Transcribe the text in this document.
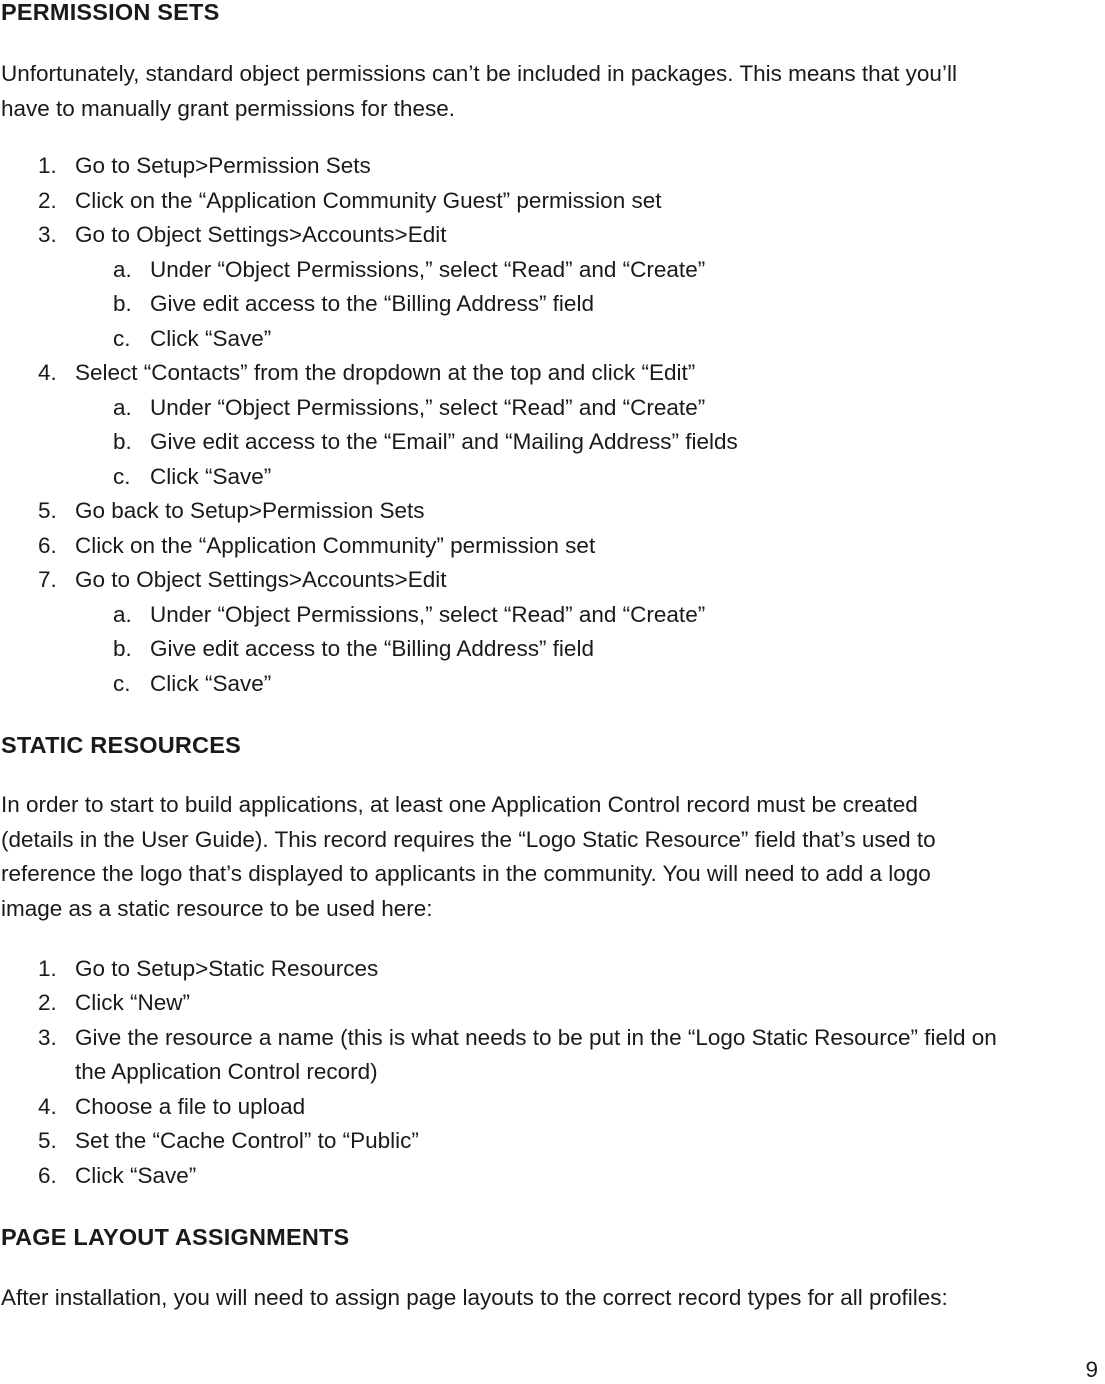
PERMISSION SETS
Unfortunately, standard object permissions can’t be included in packages. This means that you’ll
have to manually grant permissions for these.
1. Go to Setup>Permission Sets
2. Click on the “Application Community Guest” permission set
3. Go to Object Settings>Accounts>Edit
a. Under “Object Permissions,” select “Read” and “Create”
b. Give edit access to the “Billing Address” field
c. Click “Save”
4. Select “Contacts” from the dropdown at the top and click “Edit”
a. Under “Object Permissions,” select “Read” and “Create”
b. Give edit access to the “Email” and “Mailing Address” fields
c. Click “Save”
5. Go back to Setup>Permission Sets
6. Click on the “Application Community” permission set
7. Go to Object Settings>Accounts>Edit
a. Under “Object Permissions,” select “Read” and “Create”
b. Give edit access to the “Billing Address” field
c. Click “Save”
STATIC RESOURCES
In order to start to build applications, at least one Application Control record must be created
(details in the User Guide). This record requires the “Logo Static Resource” field that’s used to
reference the logo that’s displayed to applicants in the community. You will need to add a logo
image as a static resource to be used here:
1. Go to Setup>Static Resources
2. Click “New”
3. Give the resource a name (this is what needs to be put in the “Logo Static Resource” field on
the Application Control record)
4. Choose a file to upload
5. Set the “Cache Control” to “Public”
6. Click “Save”
PAGE LAYOUT ASSIGNMENTS
After installation, you will need to assign page layouts to the correct record types for all profiles:
9
